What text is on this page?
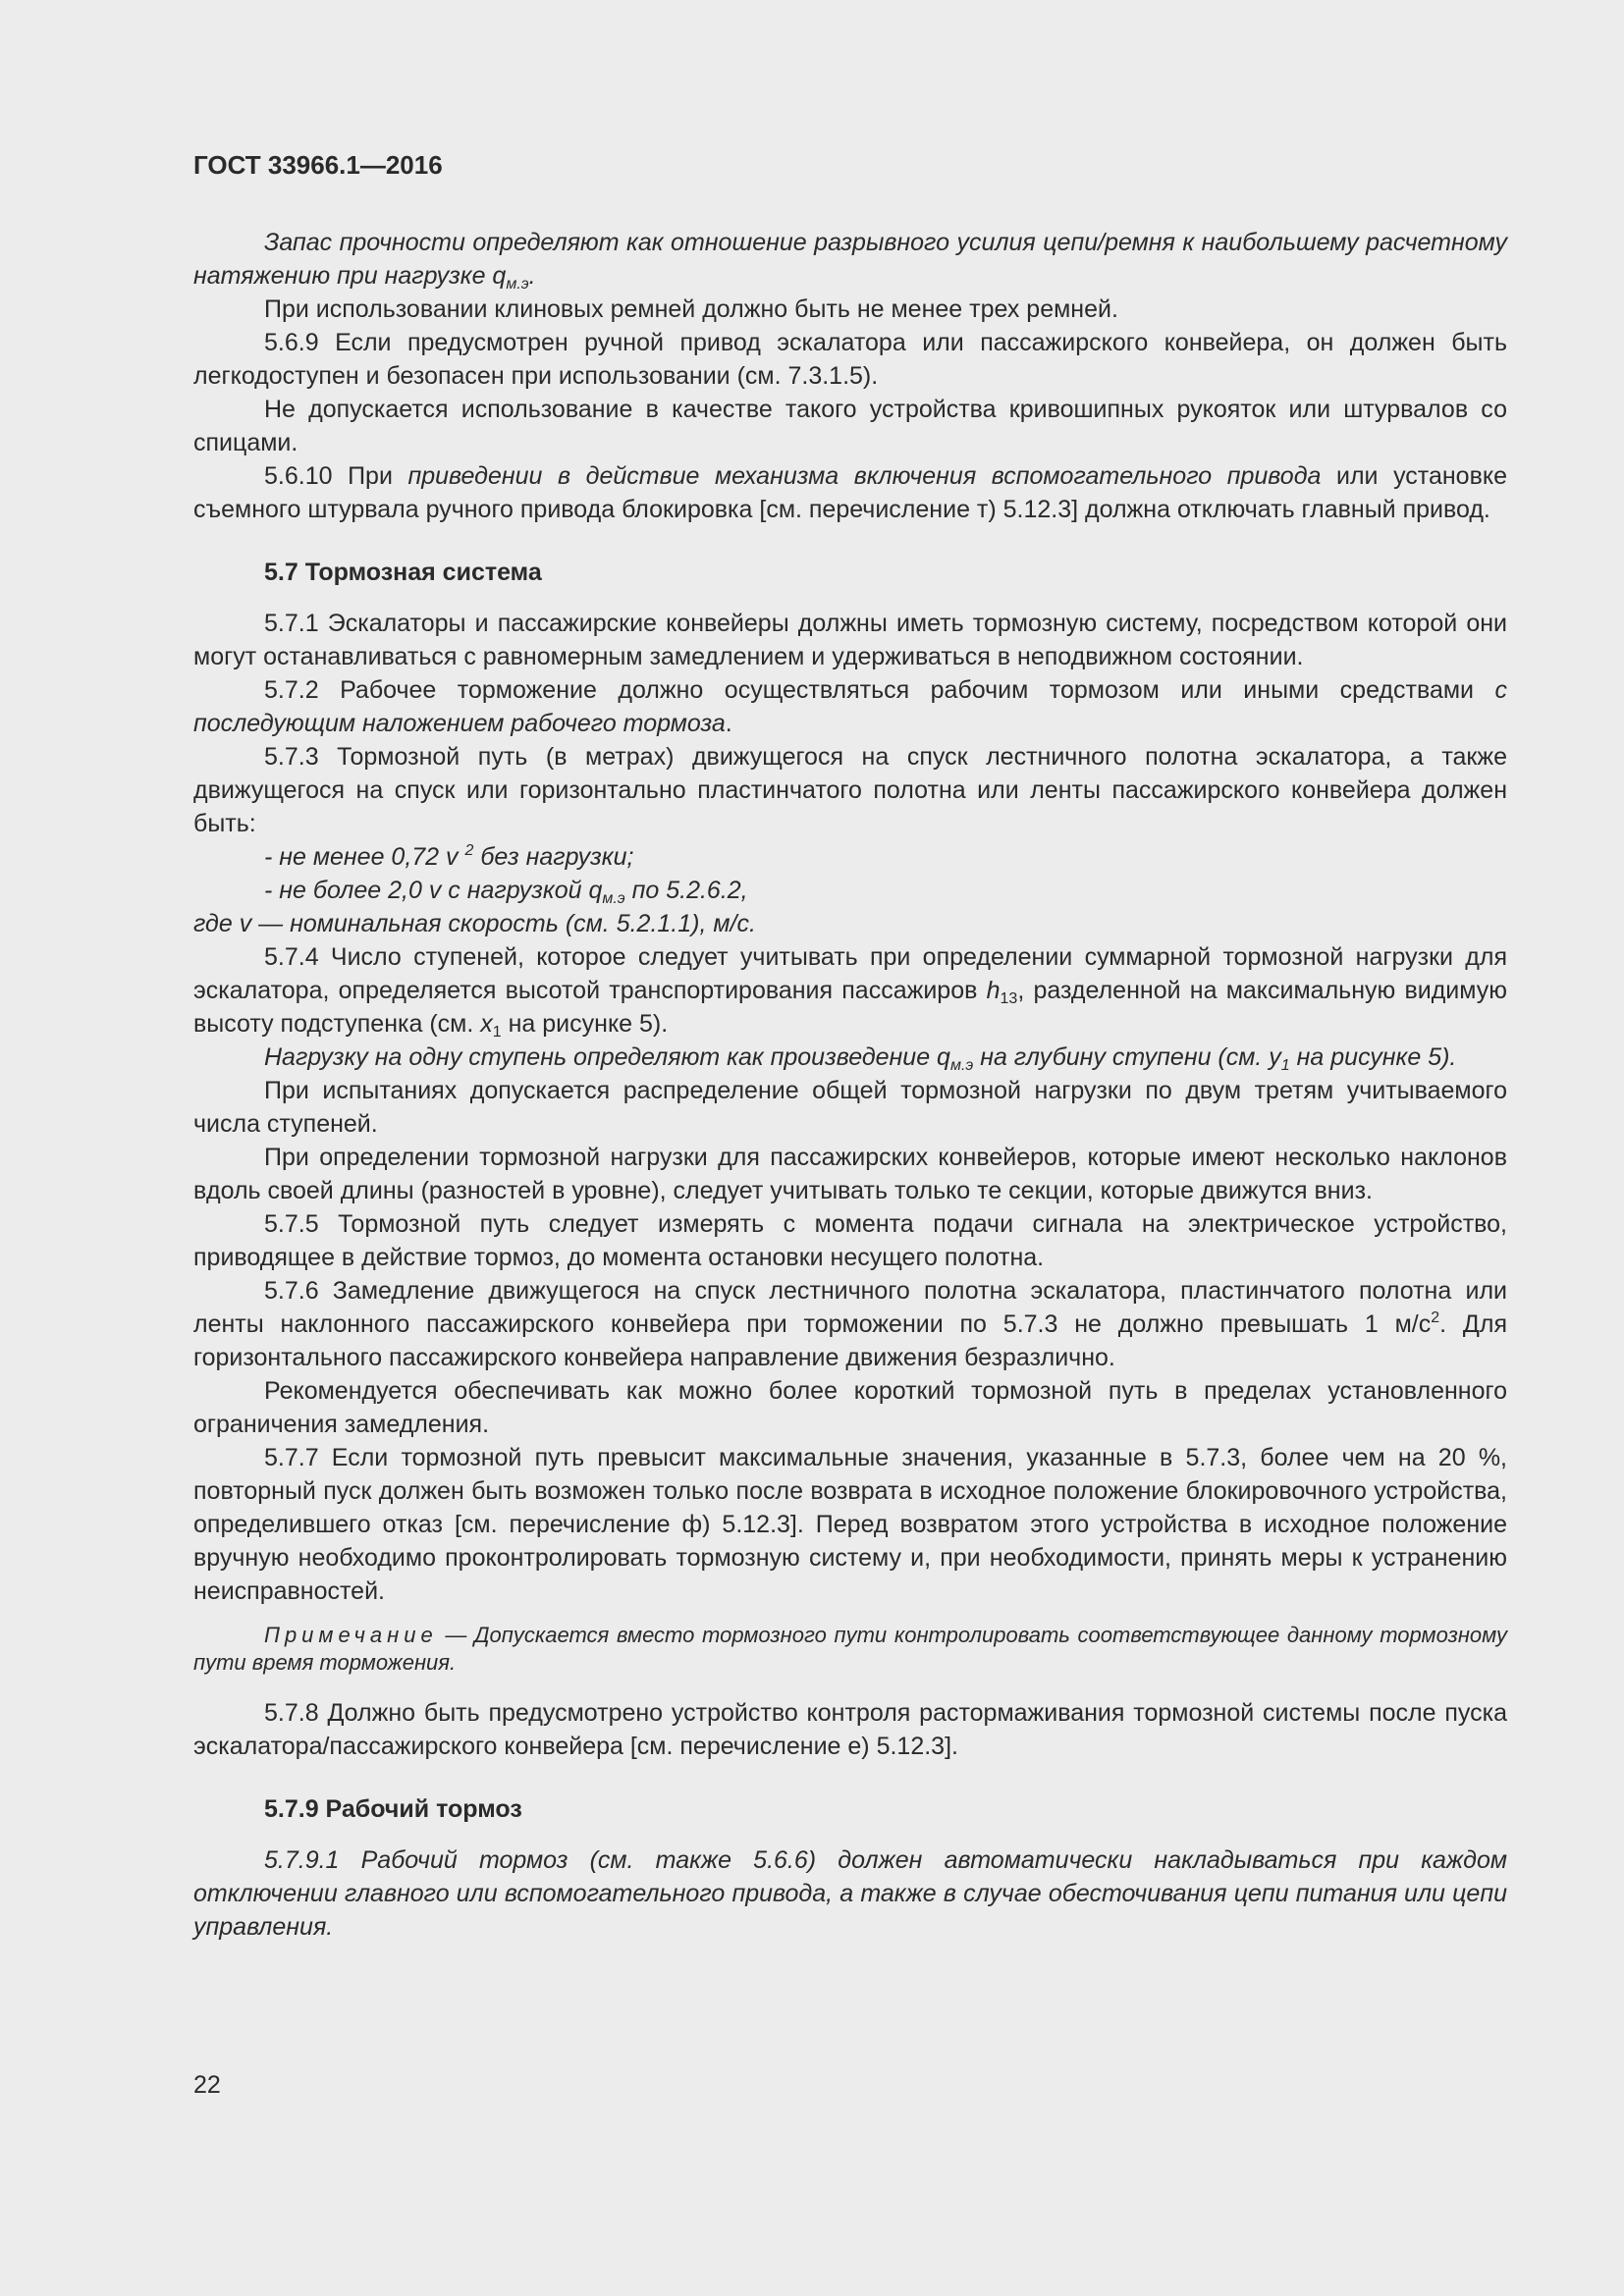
ГОСТ 33966.1—2016

Запас прочности определяют как отношение разрывного усилия цепи/ремня к наибольшему расчетному натяжению при нагрузке $q_{м.э}$.

При использовании клиновых ремней должно быть не менее трех ремней.

5.6.9 Если предусмотрен ручной привод эскалатора или пассажирского конвейера, он должен быть легкодоступен и безопасен при использовании (см. 7.3.1.5).

Не допускается использование в качестве такого устройства кривошипных рукояток или штурвалов со спицами.

5.6.10 При приведении в действие механизма включения вспомогательного привода или установке съемного штурвала ручного привода блокировка [см. перечисление т) 5.12.3] должна отключать главный привод.

5.7 Тормозная система

5.7.1 Эскалаторы и пассажирские конвейеры должны иметь тормозную систему, посредством которой они могут останавливаться с равномерным замедлением и удерживаться в неподвижном состоянии.

5.7.2 Рабочее торможение должно осуществляться рабочим тормозом или иными средствами с последующим наложением рабочего тормоза.

5.7.3 Тормозной путь (в метрах) движущегося на спуск лестничного полотна эскалатора, а также движущегося на спуск или горизонтально пластинчатого полотна или ленты пассажирского конвейера должен быть:

- не менее 0,72 v $^2$ без нагрузки;

- не более 2,0 v с нагрузкой $q_{м.э}$ по 5.2.6.2,

где v — номинальная скорость (см. 5.2.1.1), м/с.

5.7.4 Число ступеней, которое следует учитывать при определении суммарной тормозной нагрузки для эскалатора, определяется высотой транспортирования пассажиров $h_{13}$, разделенной на максимальную видимую высоту подступенка (см. $x_1$ на рисунке 5).

Нагрузку на одну ступень определяют как произведение $q_{м.э}$ на глубину ступени (см. $y_1$ на рисунке 5).

При испытаниях допускается распределение общей тормозной нагрузки по двум третям учитываемого числа ступеней.

При определении тормозной нагрузки для пассажирских конвейеров, которые имеют несколько наклонов вдоль своей длины (разностей в уровне), следует учитывать только те секции, которые движутся вниз.

5.7.5 Тормозной путь следует измерять с момента подачи сигнала на электрическое устройство, приводящее в действие тормоз, до момента остановки несущего полотна.

5.7.6 Замедление движущегося на спуск лестничного полотна эскалатора, пластинчатого полотна или ленты наклонного пассажирского конвейера при торможении по 5.7.3 не должно превышать 1 $м/с^2$. Для горизонтального пассажирского конвейера направление движения безразлично.

Рекомендуется обеспечивать как можно более короткий тормозной путь в пределах установленного ограничения замедления.

5.7.7 Если тормозной путь превысит максимальные значения, указанные в 5.7.3, более чем на 20 %, повторный пуск должен быть возможен только после возврата в исходное положение блокировочного устройства, определившего отказ [см. перечисление ф) 5.12.3]. Перед возвратом этого устройства в исходное положение вручную необходимо проконтролировать тормозную систему и, при необходимости, принять меры к устранению неисправностей.

Примечание — Допускается вместо тормозного пути контролировать соответствующее данному тормозному пути время торможения.

5.7.8 Должно быть предусмотрено устройство контроля растормаживания тормозной системы после пуска эскалатора/пассажирского конвейера [см. перечисление е) 5.12.3].

5.7.9 Рабочий тормоз

5.7.9.1 Рабочий тормоз (см. также 5.6.6) должен автоматически накладываться при каждом отключении главного или вспомогательного привода, а также в случае обесточивания цепи питания или цепи управления.

22
